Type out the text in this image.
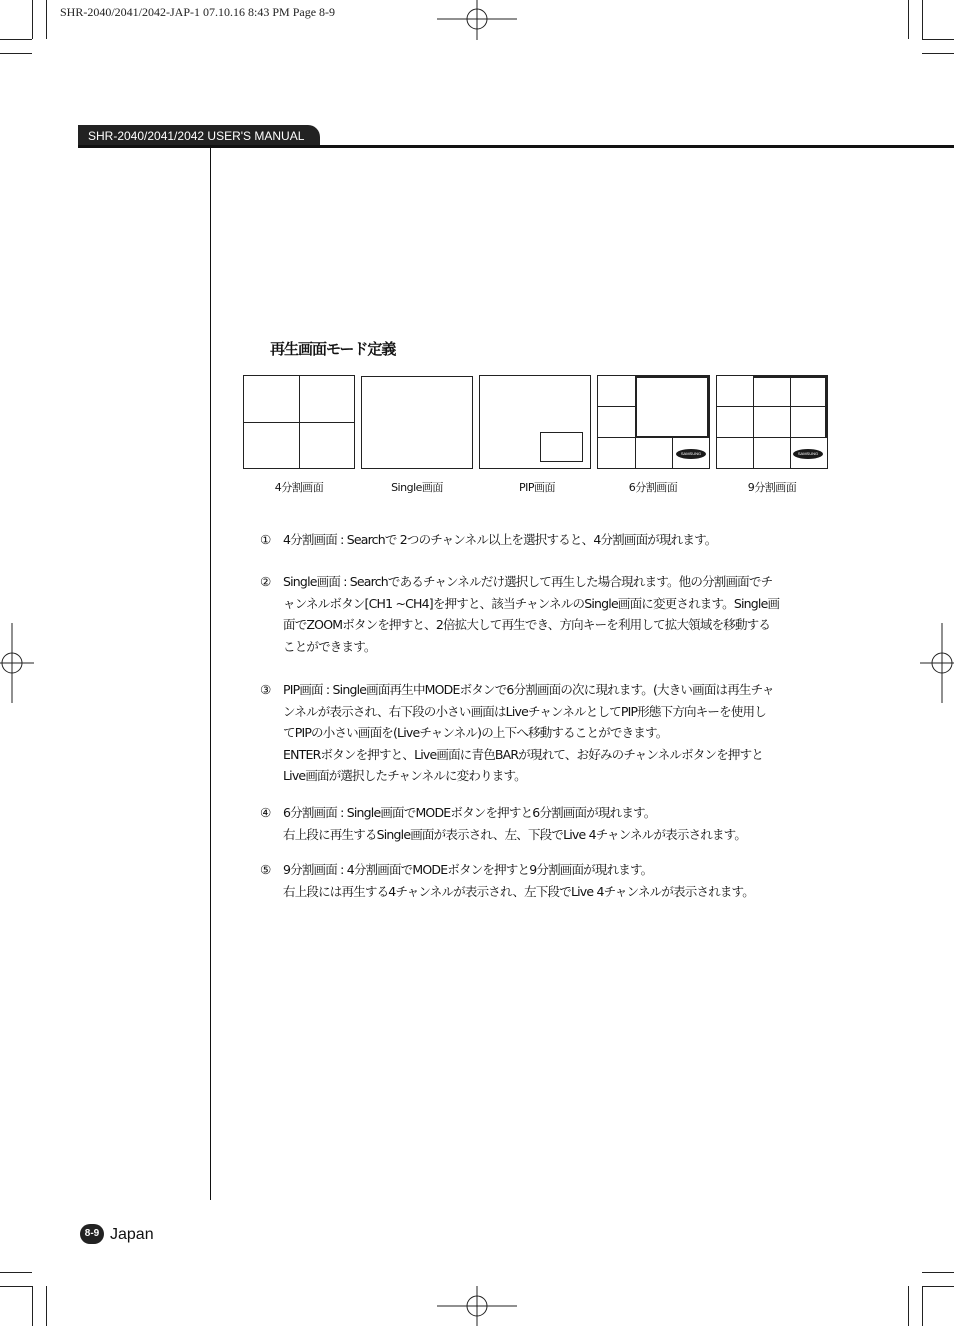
SHR-2040/2041/2042-JAP-1 07.10.16 8:43 PM Page 8-9
SHR-2040/2041/2042 USER'S MANUAL
再生画面モード定義
SAMSUNG	SAMSUNG
4分割画面	Single画面	PIP画面	6分割画面	9分割画面
①	4分割画面 : Searchで 2つのチャンネル以上を選択すると、4分割画面が現れます。
②	Single画面 : Searchであるチャンネルだけ選択して再生した場合現れます。他の分割画面でチ
ャンネルボタン[CH1 ~CH4]を押すと、該当チャンネルのSingle画面に変更されます。Single画
面でZOOMボタンを押すと、2倍拡大して再生でき、方向キーを利用して拡大領域を移動する
ことができます。
③	PIP画面 : Single画面再生中MODEボタンで6分割画面の次に現れます。(大きい画面は再生チャ
ンネルが表示され、右下段の小さい画面はLiveチャンネルとしてPIP形態下方向キーを使用し
てPIPの小さい画面を(Liveチャンネル)の上下へ移動することができます。
ENTERボタンを押すと、Live画面に青色BARが現れて、お好みのチャンネルボタンを押すと
Live画面が選択したチャンネルに変わります。
④	6分割画面 : Single画面でMODEボタンを押すと6分割画面が現れます。
右上段に再生するSingle画面が表示され、左、下段でLive 4チャンネルが表示されます。
⑤	9分割画面 : 4分割画面でMODEボタンを押すと9分割画面が現れます。
右上段には再生する4チャンネルが表示され、左下段でLive 4チャンネルが表示されます。
8-9 Japan
